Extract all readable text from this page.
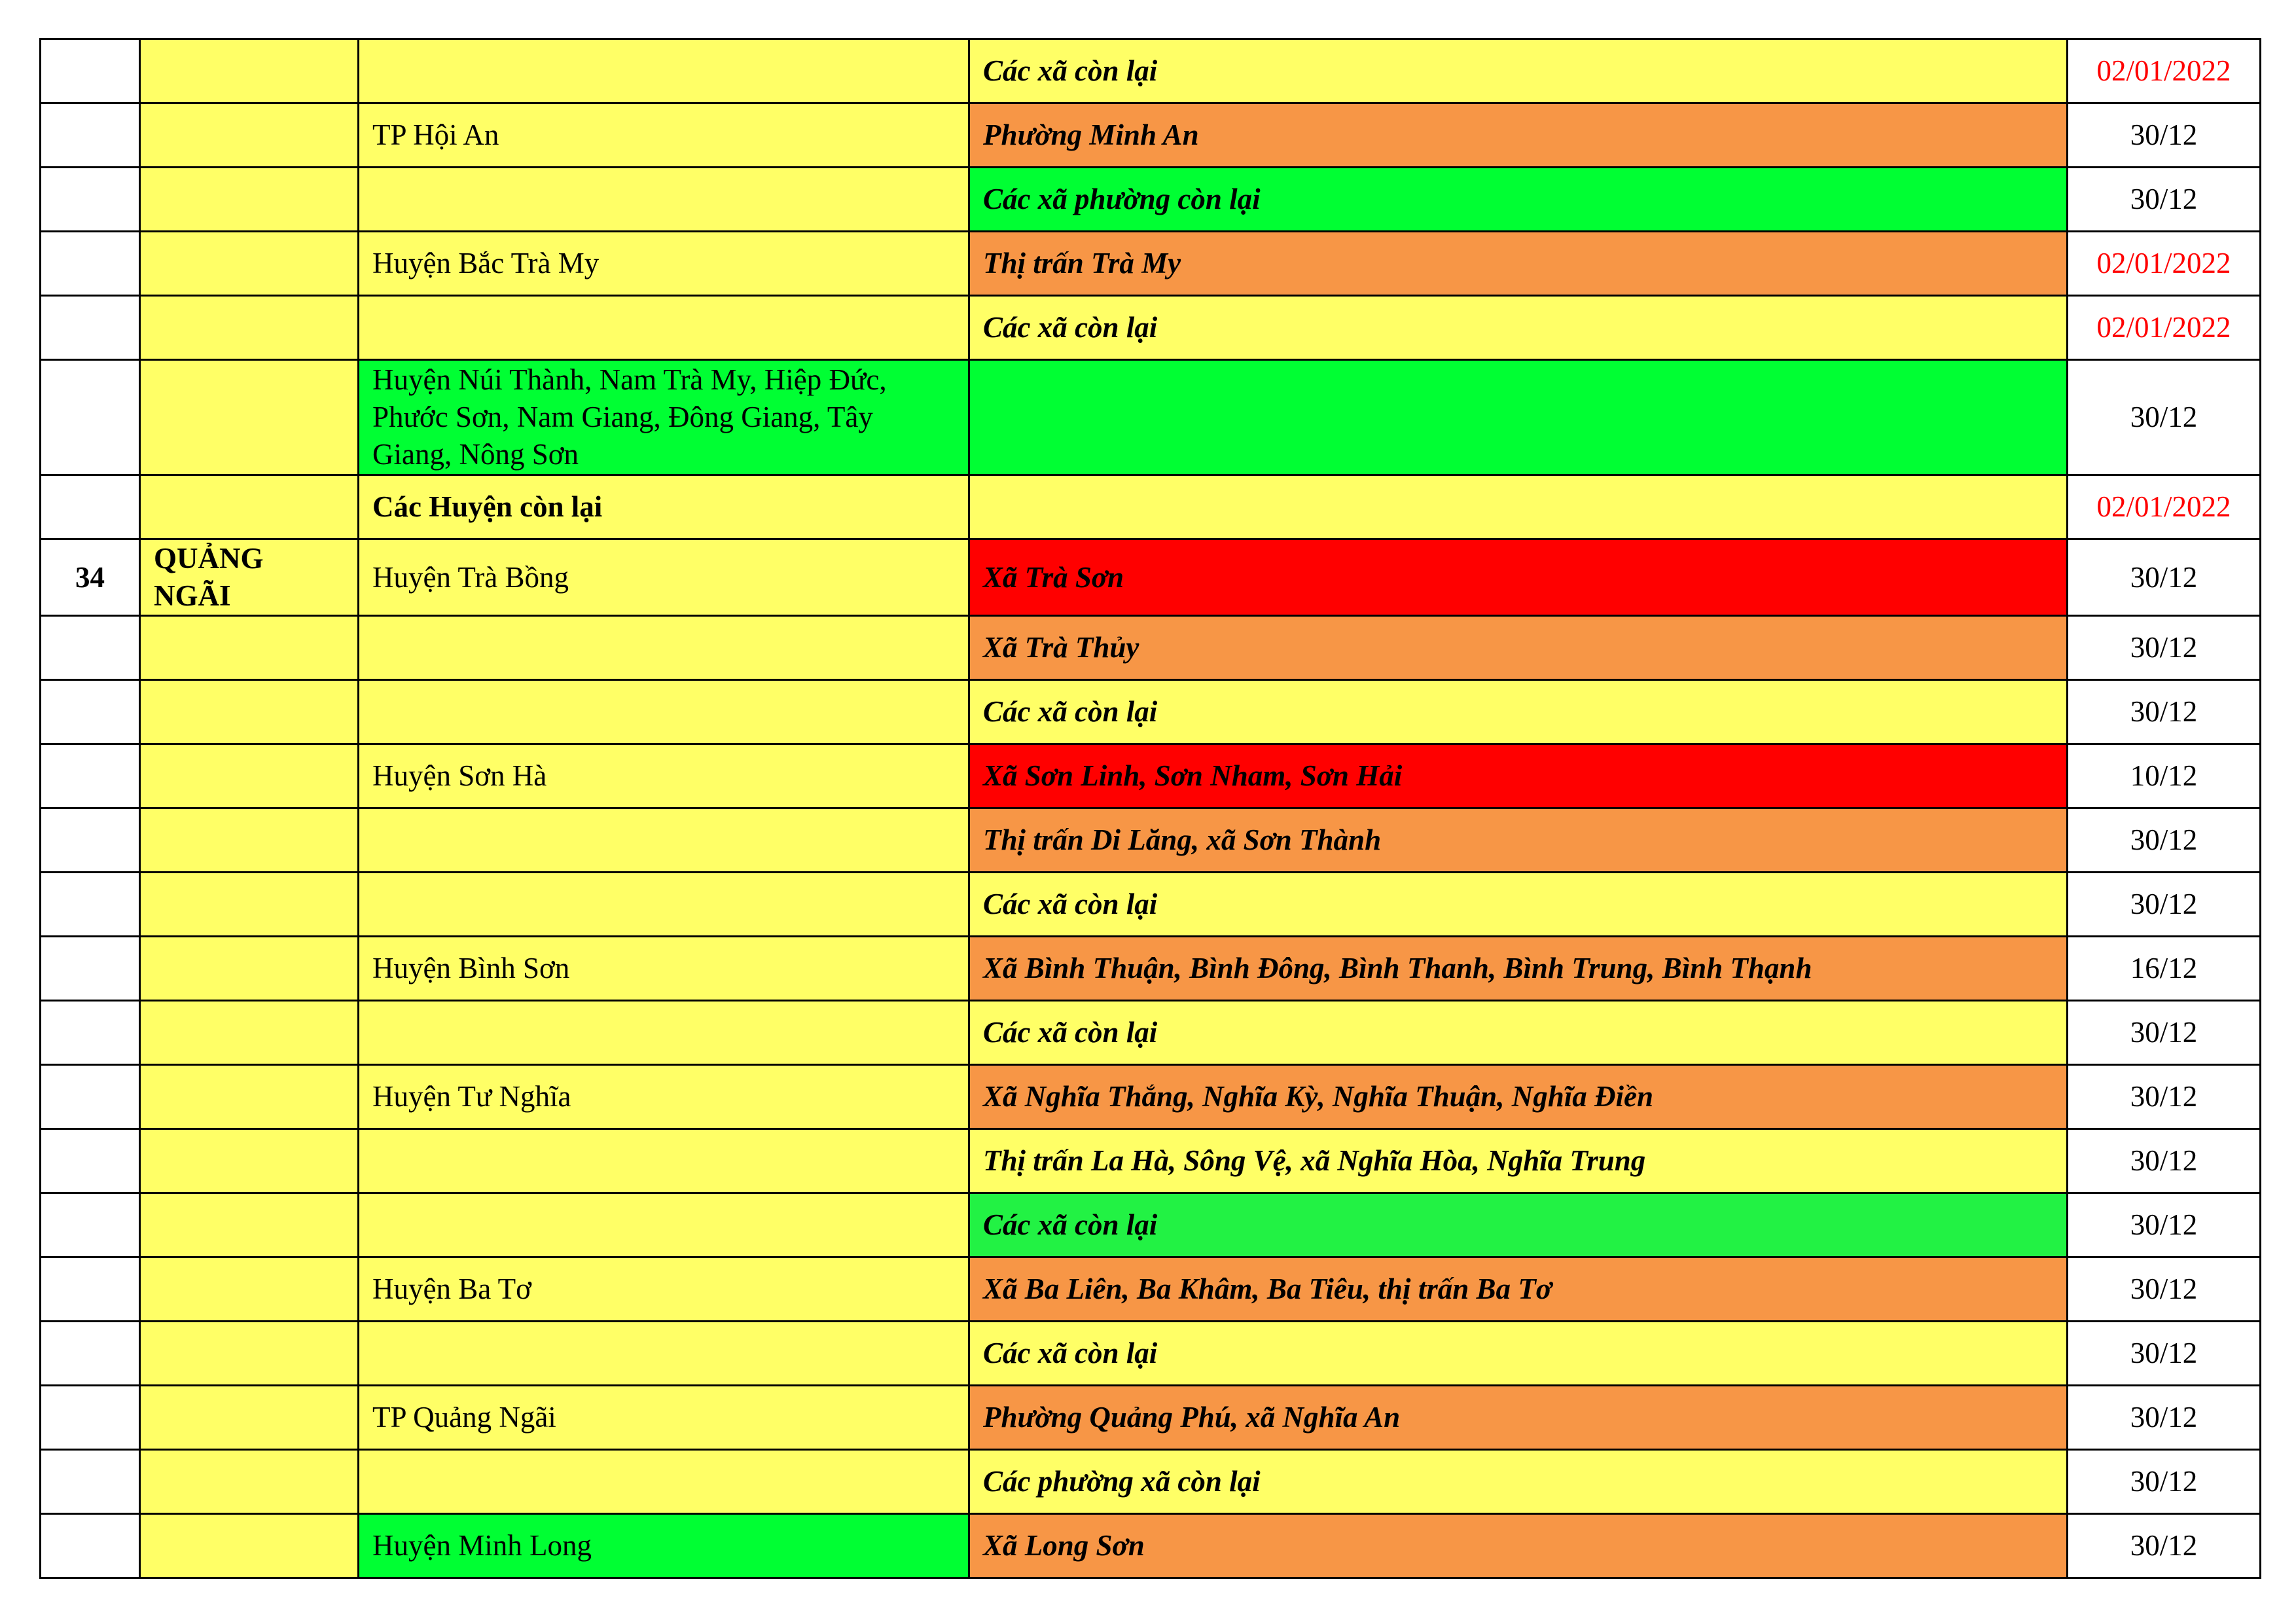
			Các xã còn lại	02/01/2022
		TP Hội An	Phường Minh An	30/12
			Các xã phường còn lại	30/12
		Huyện Bắc Trà My	Thị trấn Trà My	02/01/2022
			Các xã còn lại	02/01/2022
		Huyện Núi Thành, Nam Trà My, Hiệp Đức, Phước Sơn, Nam Giang, Đông Giang, Tây Giang, Nông Sơn		30/12
		Các Huyện còn lại		02/01/2022
34	QUẢNG NGÃI	Huyện Trà Bồng	Xã Trà Sơn	30/12
			Xã Trà Thủy	30/12
			Các xã còn lại	30/12
		Huyện Sơn Hà	Xã Sơn Linh, Sơn Nham, Sơn Hải	10/12
			Thị trấn Di Lăng, xã Sơn Thành	30/12
			Các xã còn lại	30/12
		Huyện Bình Sơn	Xã Bình Thuận, Bình Đông, Bình Thanh, Bình Trung, Bình Thạnh	16/12
			Các xã còn lại	30/12
		Huyện Tư Nghĩa	Xã Nghĩa Thắng, Nghĩa Kỳ, Nghĩa Thuận, Nghĩa Điền	30/12
			Thị trấn La Hà, Sông Vệ, xã Nghĩa Hòa, Nghĩa Trung	30/12
			Các xã còn lại	30/12
		Huyện Ba Tơ	Xã Ba Liên, Ba Khâm, Ba Tiêu, thị trấn Ba Tơ	30/12
			Các xã còn lại	30/12
		TP Quảng Ngãi	Phường Quảng Phú, xã Nghĩa An	30/12
			Các phường xã còn lại	30/12
		Huyện Minh Long	Xã Long Sơn	30/12
